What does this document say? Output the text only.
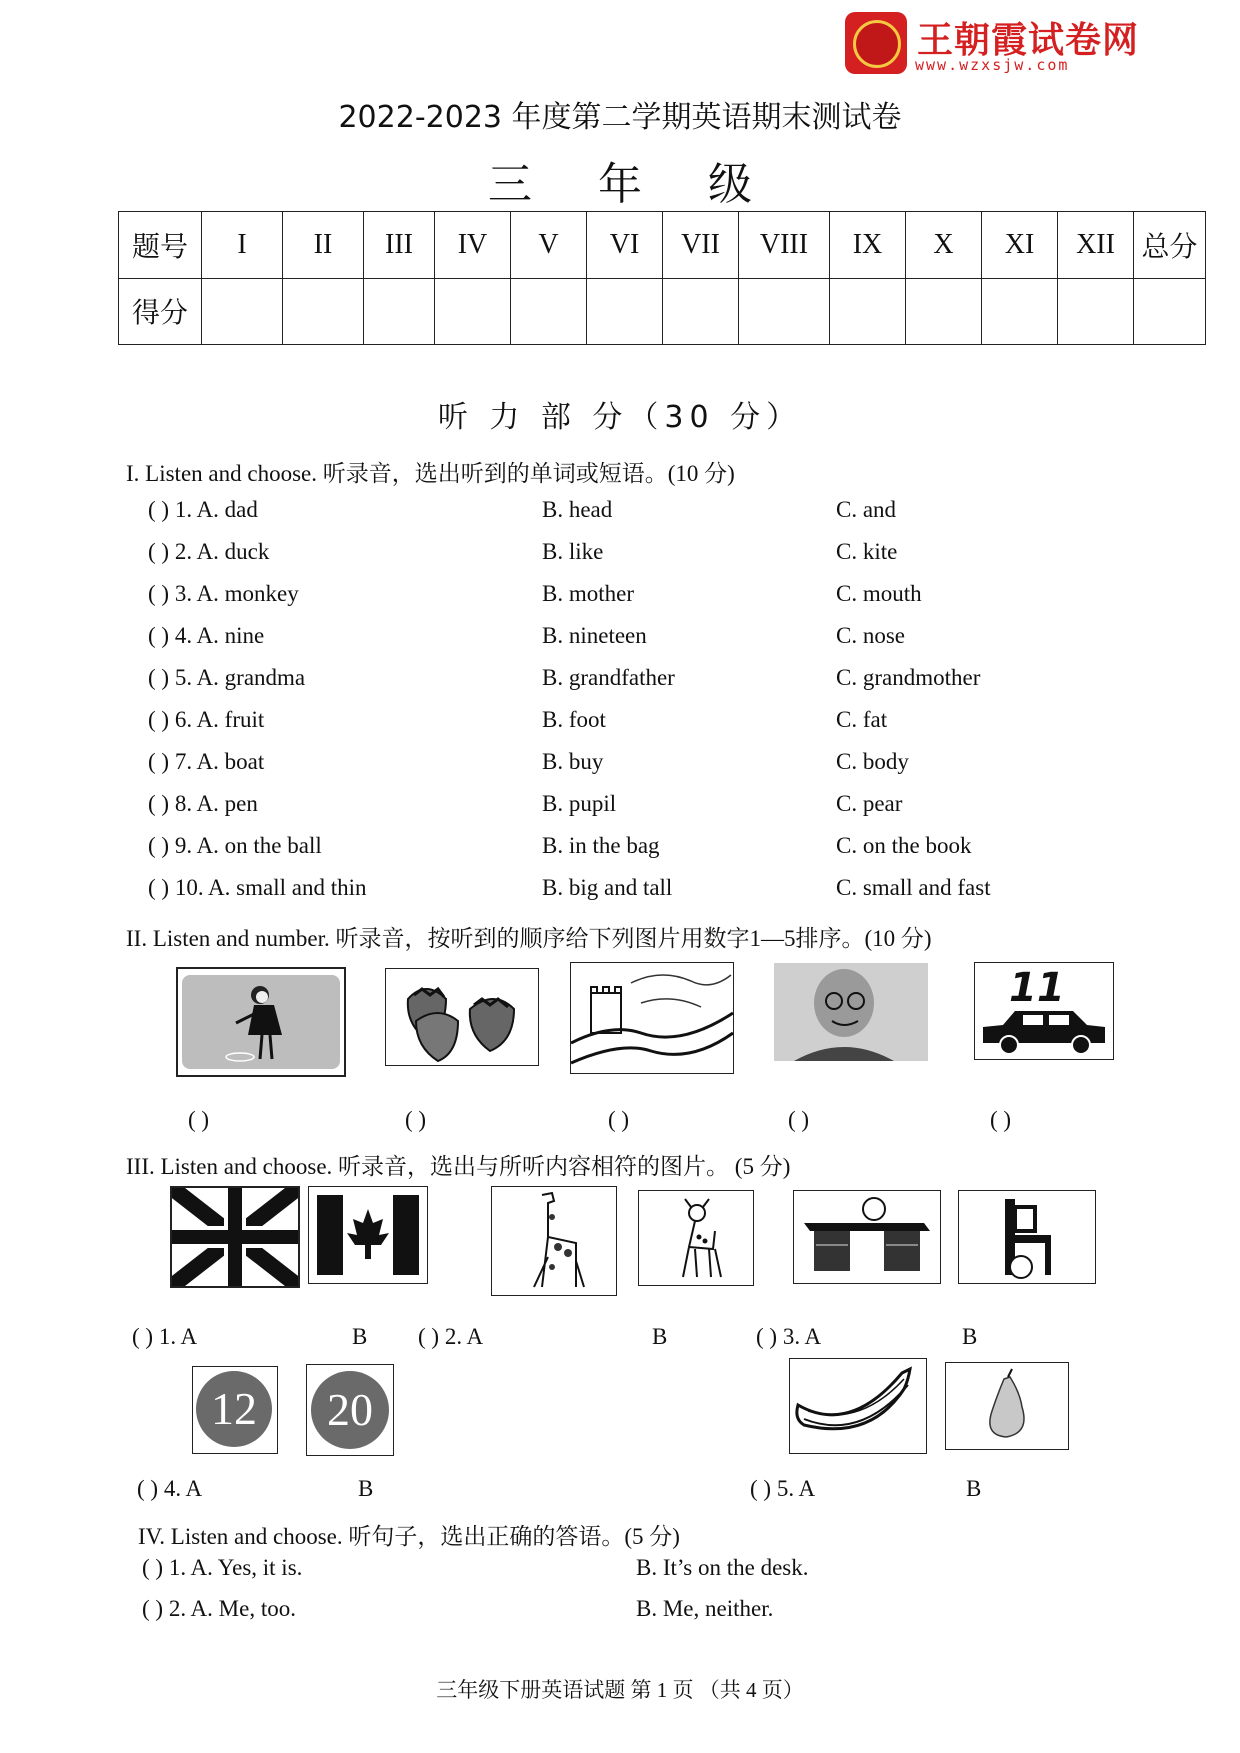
王朝霞试卷网
www.wzxsjw.com
2022-2023 年度第二学期英语期末测试卷
三 年 级
题号	I	II	III	IV	V	VI	VII	VIII	IX	X	XI	XII	总分
得分													
听 力 部 分（30 分）
I. Listen and choose. 听录音，选出听到的单词或短语。(10 分)
( ) 1. A. dad	B. head	C. and
( ) 2. A. duck	B. like	C. kite
( ) 3. A. monkey	B. mother	C. mouth
( ) 4. A. nine	B. nineteen	C. nose
( ) 5. A. grandma	B. grandfather	C. grandmother
( ) 6. A. fruit	B. foot	C. fat
( ) 7. A. boat	B. buy	C. body
( ) 8. A. pen	B. pupil	C. pear
( ) 9. A. on the ball	B. in the bag	C. on the book
( ) 10. A. small and thin	B. big and tall	C. small and fast
II. Listen and number. 听录音，按听到的顺序给下列图片用数字1—5排序。(10 分)
11
( )	( )	( )	( )	( )
III. Listen and choose. 听录音，选出与所听内容相符的图片。 (5 分)
( ) 1. A	B ( ) 2. A	B	( ) 3. A	B
12	20
( ) 4. A	B	( ) 5. A	B
IV. Listen and choose. 听句子，选出正确的答语。(5 分)
( ) 1. A. Yes, it is.	B. It’s on the desk.
( ) 2. A. Me, too.	B. Me, neither.
三年级下册英语试题 第 1 页 （共 4 页）
